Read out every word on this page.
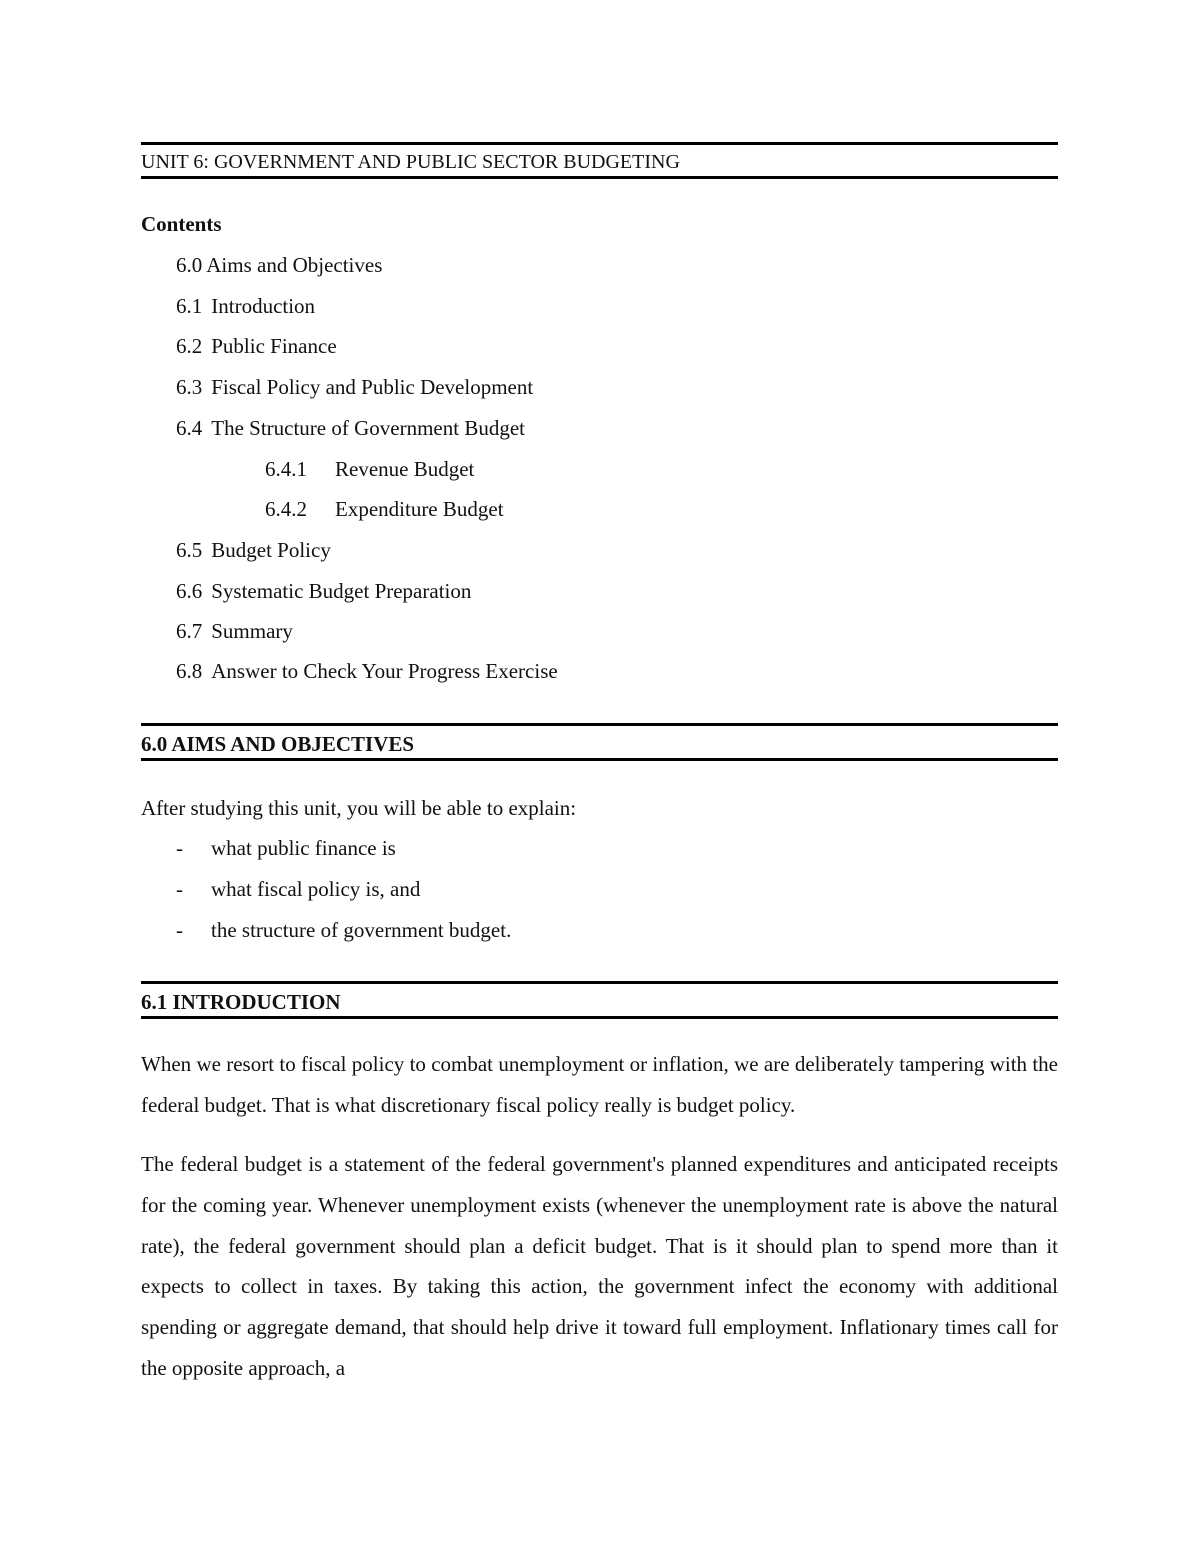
UNIT 6: GOVERNMENT AND PUBLIC SECTOR BUDGETING
Contents
6.0 Aims and Objectives
6.1 Introduction
6.2 Public Finance
6.3 Fiscal Policy and Public Development
6.4 The Structure of Government Budget
6.4.1 Revenue Budget
6.4.2 Expenditure Budget
6.5 Budget Policy
6.6 Systematic Budget Preparation
6.7 Summary
6.8 Answer to Check Your Progress Exercise
6.0 AIMS AND OBJECTIVES
After studying this unit, you will be able to explain:
- what public finance is
- what fiscal policy is, and
- the structure of government budget.
6.1 INTRODUCTION
When we resort to fiscal policy to combat unemployment or inflation, we are deliberately tampering with the federal budget. That is what discretionary fiscal policy really is budget policy.
The federal budget is a statement of the federal government's planned expenditures and anticipated receipts for the coming year. Whenever unemployment exists (whenever the unemployment rate is above the natural rate), the federal government should plan a deficit budget. That is it should plan to spend more than it expects to collect in taxes. By taking this action, the government infect the economy with additional spending or aggregate demand, that should help drive it toward full employment. Inflationary times call for the opposite approach, a
